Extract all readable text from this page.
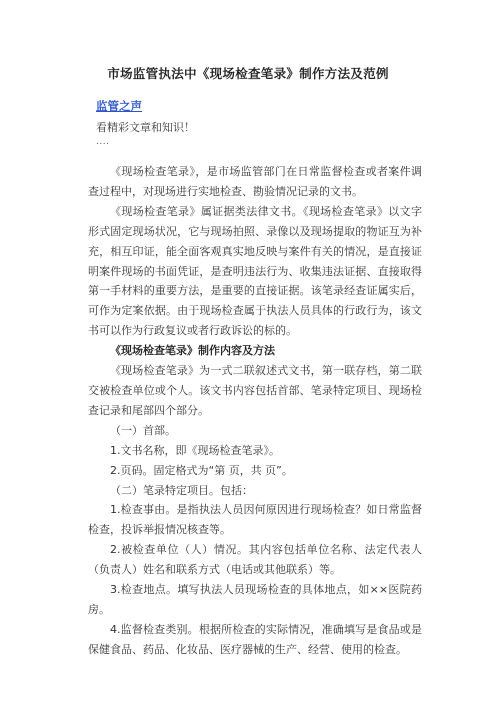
市场监管执法中《现场检查笔录》制作方法及范例
监管之声
看精彩文章和知识！
....

《现场检查笔录》，是市场监管部门在日常监督检查或者案件调查过程中，对现场进行实地检查、勘验情况记录的文书。

《现场检查笔录》属证据类法律文书。《现场检查笔录》以文字形式固定现场状况，它与现场拍照、录像以及现场提取的物证互为补充，相互印证，能全面客观真实地反映与案件有关的情况，是直接证明案件现场的书面凭证，是查明违法行为、收集违法证据、直接取得第一手材料的重要方法，是重要的直接证据。该笔录经查证属实后，可作为定案依据。由于现场检查属于执法人员具体的行政行为，该文书可以作为行政复议或者行政诉讼的标的。

《现场检查笔录》制作内容及方法

《现场检查笔录》为一式二联叙述式文书，第一联存档，第二联交被检查单位或个人。该文书内容包括首部、笔录特定项目、现场检查记录和尾部四个部分。

（一）首部。

1.文书名称，即《现场检查笔录》。

2.页码。固定格式为“第 页，共 页”。

（二）笔录特定项目。包括：

1.检查事由。是指执法人员因何原因进行现场检查？如日常监督检查，投诉举报情况核查等。

2.被检查单位（人）情况。其内容包括单位名称、法定代表人（负责人）姓名和联系方式（电话或其他联系）等。

3.检查地点。填写执法人员现场检查的具体地点，如××医院药房。

4.监督检查类别。根据所检查的实际情况，准确填写是食品或是保健食品、药品、化妆品、医疗器械的生产、经营、使用的检查。
